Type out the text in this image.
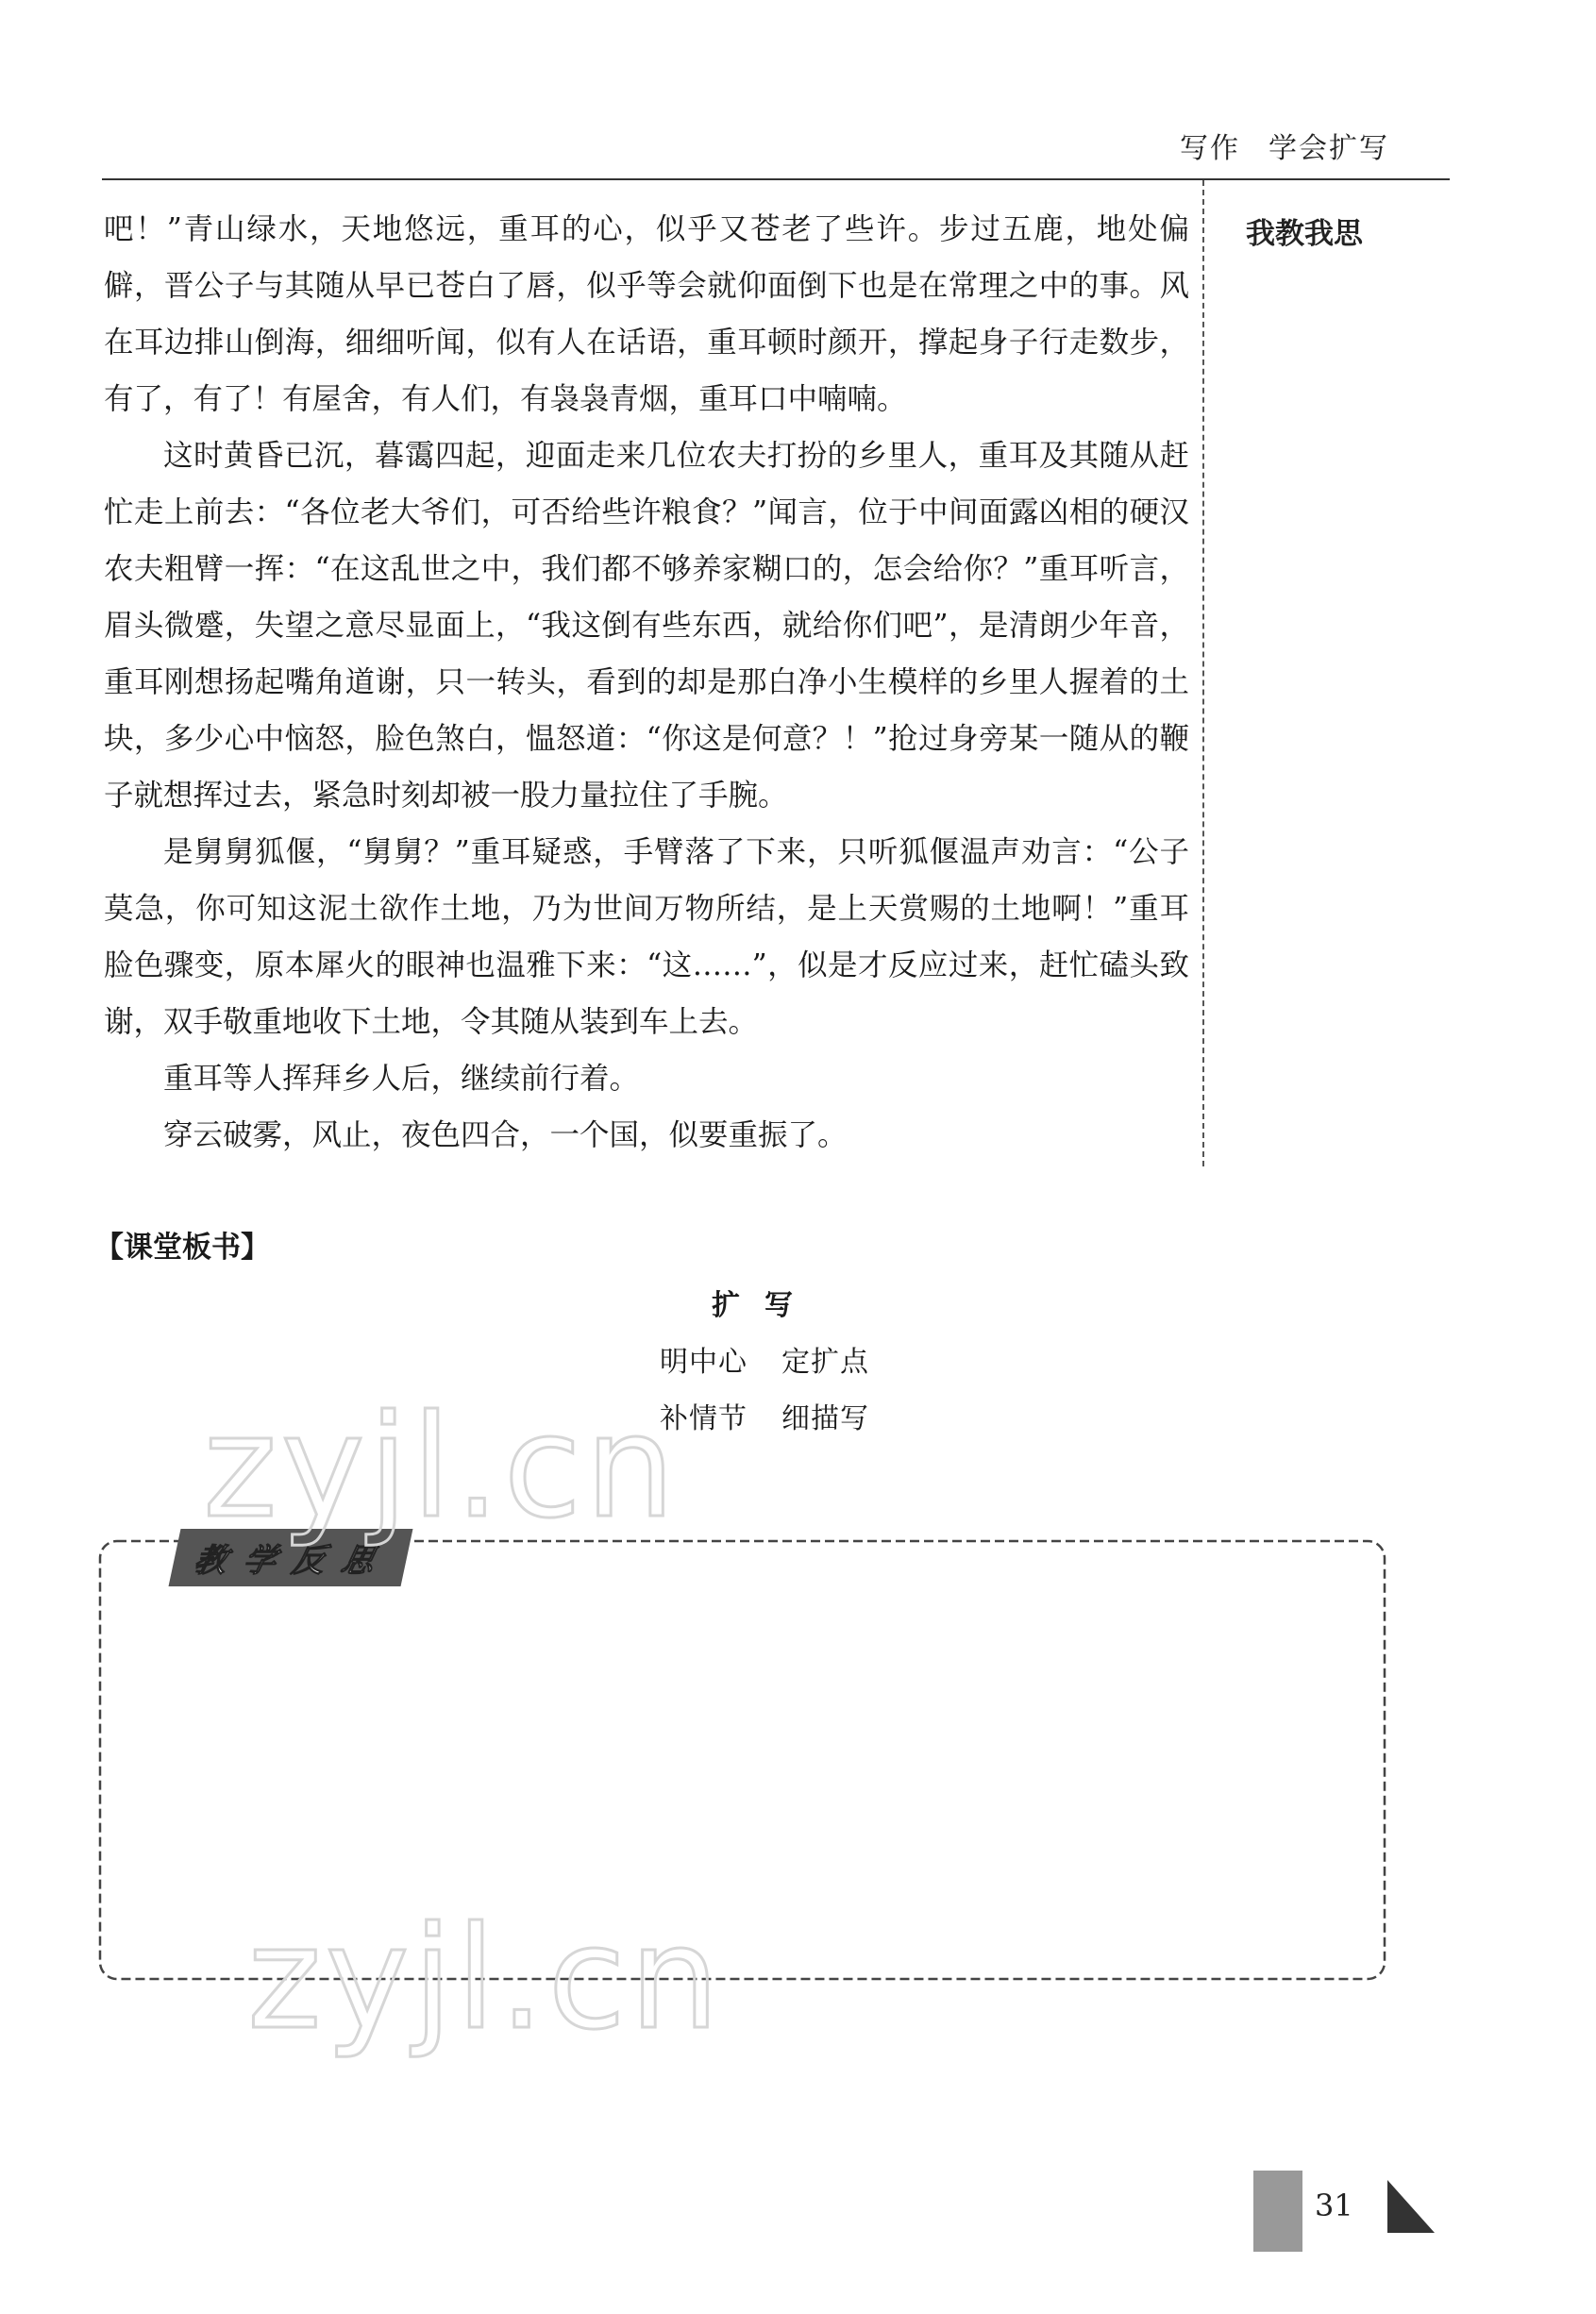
写作 学会扩写
我教我思

吧！”青山绿水，天地悠远，重耳的心，似乎又苍老了些许。步过五鹿，地处偏僻，晋公子与其随从早已苍白了唇，似乎等会就仰面倒下也是在常理之中的事。风在耳边排山倒海，细细听闻，似有人在话语，重耳顿时颜开，撑起身子行走数步，有了，有了！有屋舍，有人们，有袅袅青烟，重耳口中喃喃。

这时黄昏已沉，暮霭四起，迎面走来几位农夫打扮的乡里人，重耳及其随从赶忙走上前去：“各位老大爷们，可否给些许粮食？”闻言，位于中间面露凶相的硬汉农夫粗臂一挥：“在这乱世之中，我们都不够养家糊口的，怎会给你？”重耳听言，眉头微蹙，失望之意尽显面上，“我这倒有些东西，就给你们吧”，是清朗少年音，重耳刚想扬起嘴角道谢，只一转头，看到的却是那白净小生模样的乡里人握着的土块，多少心中恼怒，脸色煞白，愠怒道：“你这是何意？！”抢过身旁某一随从的鞭子就想挥过去，紧急时刻却被一股力量拉住了手腕。

是舅舅狐偃，“舅舅？”重耳疑惑，手臂落了下来，只听狐偃温声劝言：“公子莫急，你可知这泥土欲作土地，乃为世间万物所结，是上天赏赐的土地啊！”重耳脸色骤变，原本犀火的眼神也温雅下来：“这……”，似是才反应过来，赶忙磕头致谢，双手敬重地收下土地，令其随从装到车上去。

重耳等人挥拜乡人后，继续前行着。

穿云破雾，风止，夜色四合，一个国，似要重振了。

【课堂板书】
扩写
明中心 定扩点
补情节 细描写
教学反思
zyjl.cn
zyjl.cn
31
